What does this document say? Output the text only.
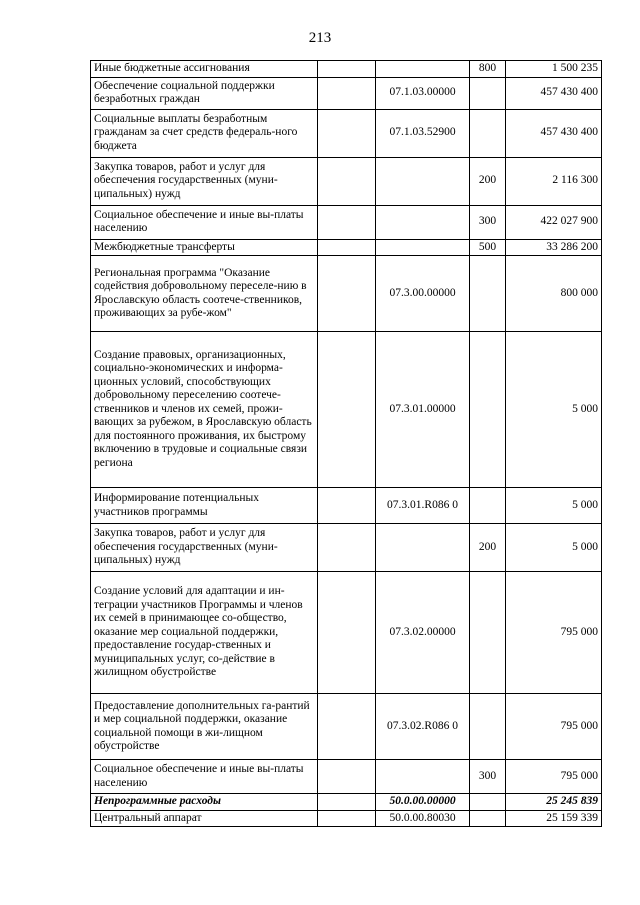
213
Иные бюджетные ассигнования			800	1 500 235
Обеспечение социальной поддержки безработных граждан		07.1.03.00000		457 430 400
Социальные выплаты безработным гражданам за счет средств федераль-ного бюджета		07.1.03.52900		457 430 400
Закупка товаров, работ и услуг для обеспечения государственных (муни-ципальных) нужд			200	2 116 300
Социальное обеспечение и иные вы-платы населению			300	422 027 900
Межбюджетные трансферты			500	33 286 200
Региональная программа "Оказание содействия добровольному переселе-нию в Ярославскую область соотече-ственников, проживающих за рубе-жом"		07.3.00.00000		800 000
Создание правовых, организационных, социально-экономических и информа-ционных условий, способствующих добровольному переселению соотече-ственников и членов их семей, прожи-вающих за рубежом, в Ярославскую область для постоянного проживания, их быстрому включению в трудовые и социальные связи региона		07.3.01.00000		5 000
Информирование потенциальных участников программы		07.3.01.R086 0		5 000
Закупка товаров, работ и услуг для обеспечения государственных (муни-ципальных) нужд			200	5 000
Создание условий для адаптации и ин-теграции участников Программы и членов их семей в принимающее со-общество, оказание мер социальной поддержки, предоставление государ-ственных и муниципальных услуг, со-действие в жилищном обустройстве		07.3.02.00000		795 000
Предоставление дополнительных га-рантий и мер социальной поддержки, оказание социальной помощи в жи-лищном обустройстве		07.3.02.R086 0		795 000
Социальное обеспечение и иные вы-платы населению			300	795 000
Непрограммные расходы		50.0.00.00000		25 245 839
Центральный аппарат		50.0.00.80030		25 159 339
